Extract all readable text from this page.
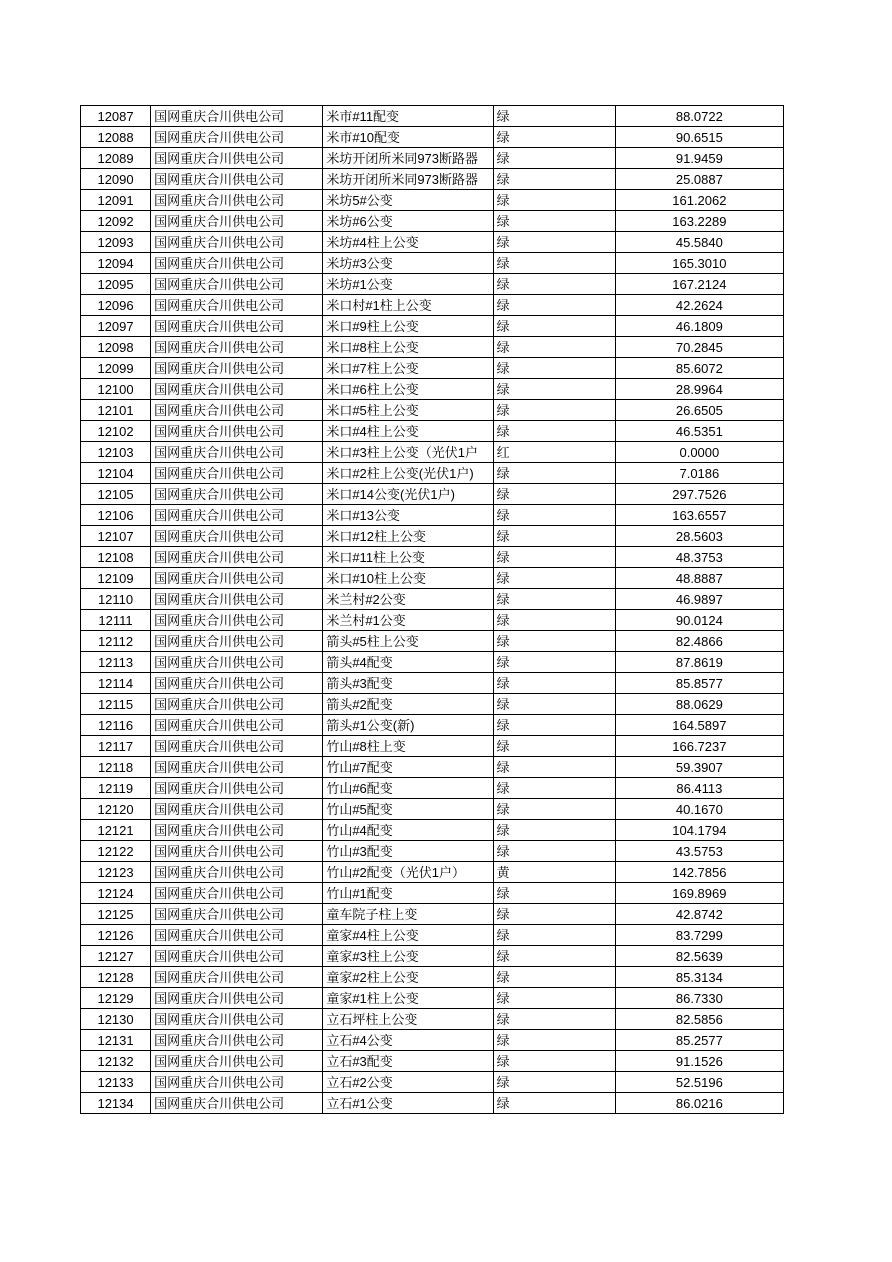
12087	国网重庆合川供电公司	米市#11配变	绿	88.0722
12088	国网重庆合川供电公司	米市#10配变	绿	90.6515
12089	国网重庆合川供电公司	米坊开闭所米同973断路器	绿	91.9459
12090	国网重庆合川供电公司	米坊开闭所米同973断路器	绿	25.0887
12091	国网重庆合川供电公司	米坊5#公变	绿	161.2062
12092	国网重庆合川供电公司	米坊#6公变	绿	163.2289
12093	国网重庆合川供电公司	米坊#4柱上公变	绿	45.5840
12094	国网重庆合川供电公司	米坊#3公变	绿	165.3010
12095	国网重庆合川供电公司	米坊#1公变	绿	167.2124
12096	国网重庆合川供电公司	米口村#1柱上公变	绿	42.2624
12097	国网重庆合川供电公司	米口#9柱上公变	绿	46.1809
12098	国网重庆合川供电公司	米口#8柱上公变	绿	70.2845
12099	国网重庆合川供电公司	米口#7柱上公变	绿	85.6072
12100	国网重庆合川供电公司	米口#6柱上公变	绿	28.9964
12101	国网重庆合川供电公司	米口#5柱上公变	绿	26.6505
12102	国网重庆合川供电公司	米口#4柱上公变	绿	46.5351
12103	国网重庆合川供电公司	米口#3柱上公变（光伏1户	红	0.0000
12104	国网重庆合川供电公司	米口#2柱上公变(光伏1户)	绿	7.0186
12105	国网重庆合川供电公司	米口#14公变(光伏1户)	绿	297.7526
12106	国网重庆合川供电公司	米口#13公变	绿	163.6557
12107	国网重庆合川供电公司	米口#12柱上公变	绿	28.5603
12108	国网重庆合川供电公司	米口#11柱上公变	绿	48.3753
12109	国网重庆合川供电公司	米口#10柱上公变	绿	48.8887
12110	国网重庆合川供电公司	米兰村#2公变	绿	46.9897
12111	国网重庆合川供电公司	米兰村#1公变	绿	90.0124
12112	国网重庆合川供电公司	箭头#5柱上公变	绿	82.4866
12113	国网重庆合川供电公司	箭头#4配变	绿	87.8619
12114	国网重庆合川供电公司	箭头#3配变	绿	85.8577
12115	国网重庆合川供电公司	箭头#2配变	绿	88.0629
12116	国网重庆合川供电公司	箭头#1公变(新)	绿	164.5897
12117	国网重庆合川供电公司	竹山#8柱上变	绿	166.7237
12118	国网重庆合川供电公司	竹山#7配变	绿	59.3907
12119	国网重庆合川供电公司	竹山#6配变	绿	86.4113
12120	国网重庆合川供电公司	竹山#5配变	绿	40.1670
12121	国网重庆合川供电公司	竹山#4配变	绿	104.1794
12122	国网重庆合川供电公司	竹山#3配变	绿	43.5753
12123	国网重庆合川供电公司	竹山#2配变（光伏1户）	黄	142.7856
12124	国网重庆合川供电公司	竹山#1配变	绿	169.8969
12125	国网重庆合川供电公司	童车院子柱上变	绿	42.8742
12126	国网重庆合川供电公司	童家#4柱上公变	绿	83.7299
12127	国网重庆合川供电公司	童家#3柱上公变	绿	82.5639
12128	国网重庆合川供电公司	童家#2柱上公变	绿	85.3134
12129	国网重庆合川供电公司	童家#1柱上公变	绿	86.7330
12130	国网重庆合川供电公司	立石坪柱上公变	绿	82.5856
12131	国网重庆合川供电公司	立石#4公变	绿	85.2577
12132	国网重庆合川供电公司	立石#3配变	绿	91.1526
12133	国网重庆合川供电公司	立石#2公变	绿	52.5196
12134	国网重庆合川供电公司	立石#1公变	绿	86.0216
